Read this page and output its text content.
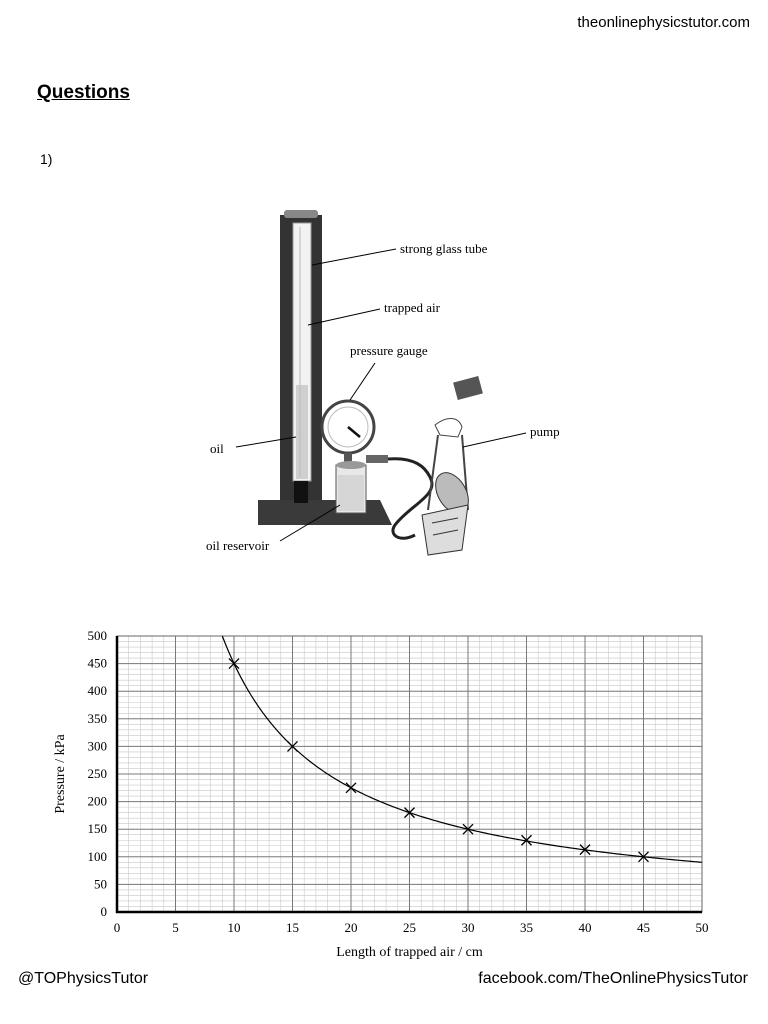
theonlinephysicstutor.com
Questions
1)
strong glass tube
trapped air
pressure gauge
oil
pump
oil reservoir
0	5	10	15	20	25	30	35	40	45	50
0
50
100
150
200
250
300
350
400
450
500
Length of trapped air / cm
Pressure / kPa
@TOPhysicsTutor	facebook.com/TheOnlinePhysicsTutor
